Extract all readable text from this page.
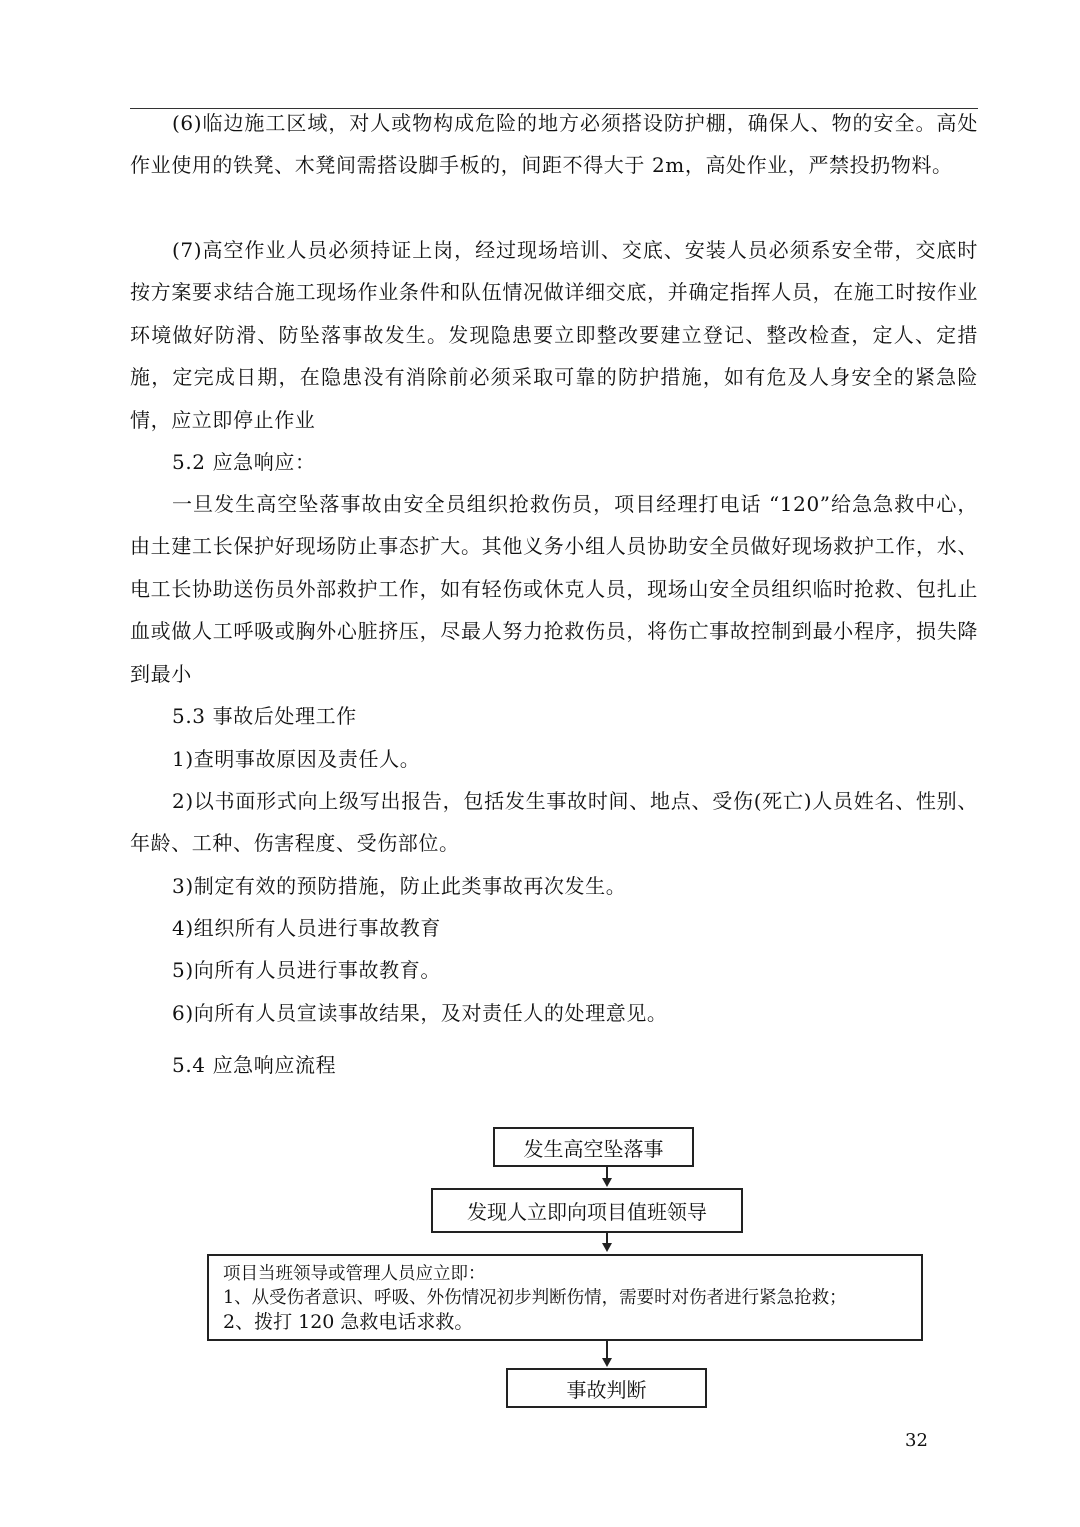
(6)临边施工区域，对人或物构成危险的地方必须搭设防护棚，确保人、物的安全。高处作业使用的铁凳、木凳间需搭设脚手板的，间距不得大于 2m，高处作业，严禁投扔物料。

(7)高空作业人员必须持证上岗，经过现场培训、交底、安装人员必须系安全带，交底时按方案要求结合施工现场作业条件和队伍情况做详细交底，并确定指挥人员，在施工时按作业环境做好防滑、防坠落事故发生。发现隐患要立即整改要建立登记、整改检查，定人、定措施，定完成日期，在隐患没有消除前必须采取可靠的防护措施，如有危及人身安全的紧急险情，应立即停止作业

5.2 应急响应：

一旦发生高空坠落事故由安全员组织抢救伤员，项目经理打电话 “120”给急急救中心，由土建工长保护好现场防止事态扩大。其他义务小组人员协助安全员做好现场救护工作，水、电工长协助送伤员外部救护工作，如有轻伤或休克人员，现场山安全员组织临时抢救、包扎止血或做人工呼吸或胸外心脏挤压，尽最人努力抢救伤员，将伤亡事故控制到最小程序，损失降到最小

5.3 事故后处理工作

1)查明事故原因及责任人。

2)以书面形式向上级写出报告，包括发生事故时间、地点、受伤(死亡)人员姓名、性别、年龄、工种、伤害程度、受伤部位。

3)制定有效的预防措施，防止此类事故再次发生。

4)组织所有人员进行事故教育

5)向所有人员进行事故教育。

6)向所有人员宣读事故结果，及对责任人的处理意见。

5.4 应急响应流程

发生高空坠落事
发现人立即向项目值班领导
项目当班领导或管理人员应立即：
1、从受伤者意识、呼吸、外伤情况初步判断伤情，需要时对伤者进行紧急抢救；
2、拨打 120 急救电话求救。
事故判断
32
